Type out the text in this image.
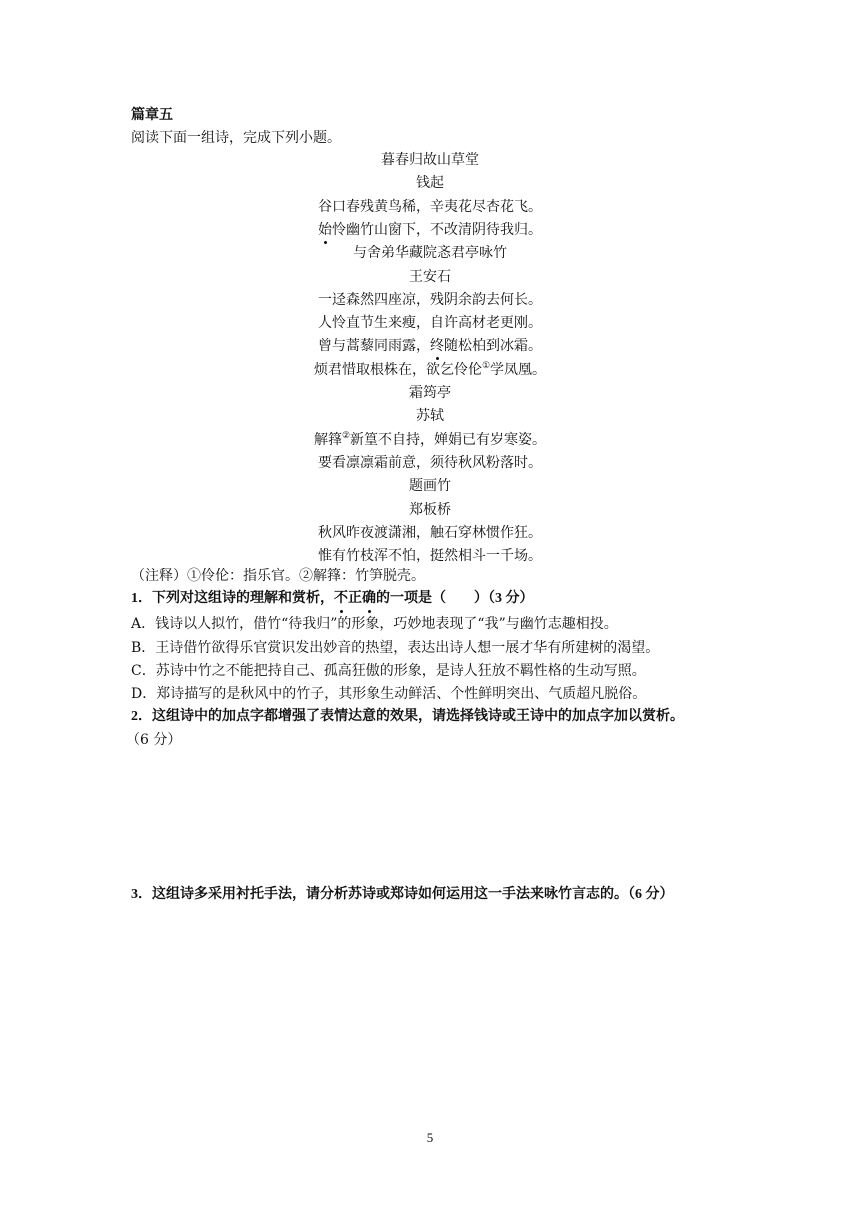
篇章五
阅读下面一组诗，完成下列小题。
暮春归故山草堂
钱起
谷口春残黄鸟稀，辛夷花尽杏花飞。
始怜幽竹山窗下，不改清阴待我归。
与舍弟华藏院忞君亭咏竹
王安石
一迳森然四座凉，残阴余韵去何长。
人怜直节生来瘦，自许高材老更刚。
曾与蒿藜同雨露，终随松柏到冰霜。
烦君惜取根株在，欲乞伶伦①学凤凰。
霜筠亭
苏轼
解箨②新篁不自持，婵娟已有岁寒姿。
要看凛凛霜前意，须待秋风粉落时。
题画竹
郑板桥
秋风昨夜渡潇湘，触石穿林惯作狂。
惟有竹枝浑不怕，挺然相斗一千场。
（注释）①伶伦：指乐官。②解箨：竹笋脱壳。
1．下列对这组诗的理解和赏析，不正确的一项是（　　）（3 分）
A．钱诗以人拟竹，借竹“待我归”的形象，巧妙地表现了“我”与幽竹志趣相投。
B．王诗借竹欲得乐官赏识发出妙音的热望，表达出诗人想一展才华有所建树的渴望。
C．苏诗中竹之不能把持自己、孤高狂傲的形象，是诗人狂放不羁性格的生动写照。
D．郑诗描写的是秋风中的竹子，其形象生动鲜活、个性鲜明突出、气质超凡脱俗。
2．这组诗中的加点字都增强了表情达意的效果，请选择钱诗或王诗中的加点字加以赏析。
（6 分）
3．这组诗多采用衬托手法，请分析苏诗或郑诗如何运用这一手法来咏竹言志的。（6 分）
5
